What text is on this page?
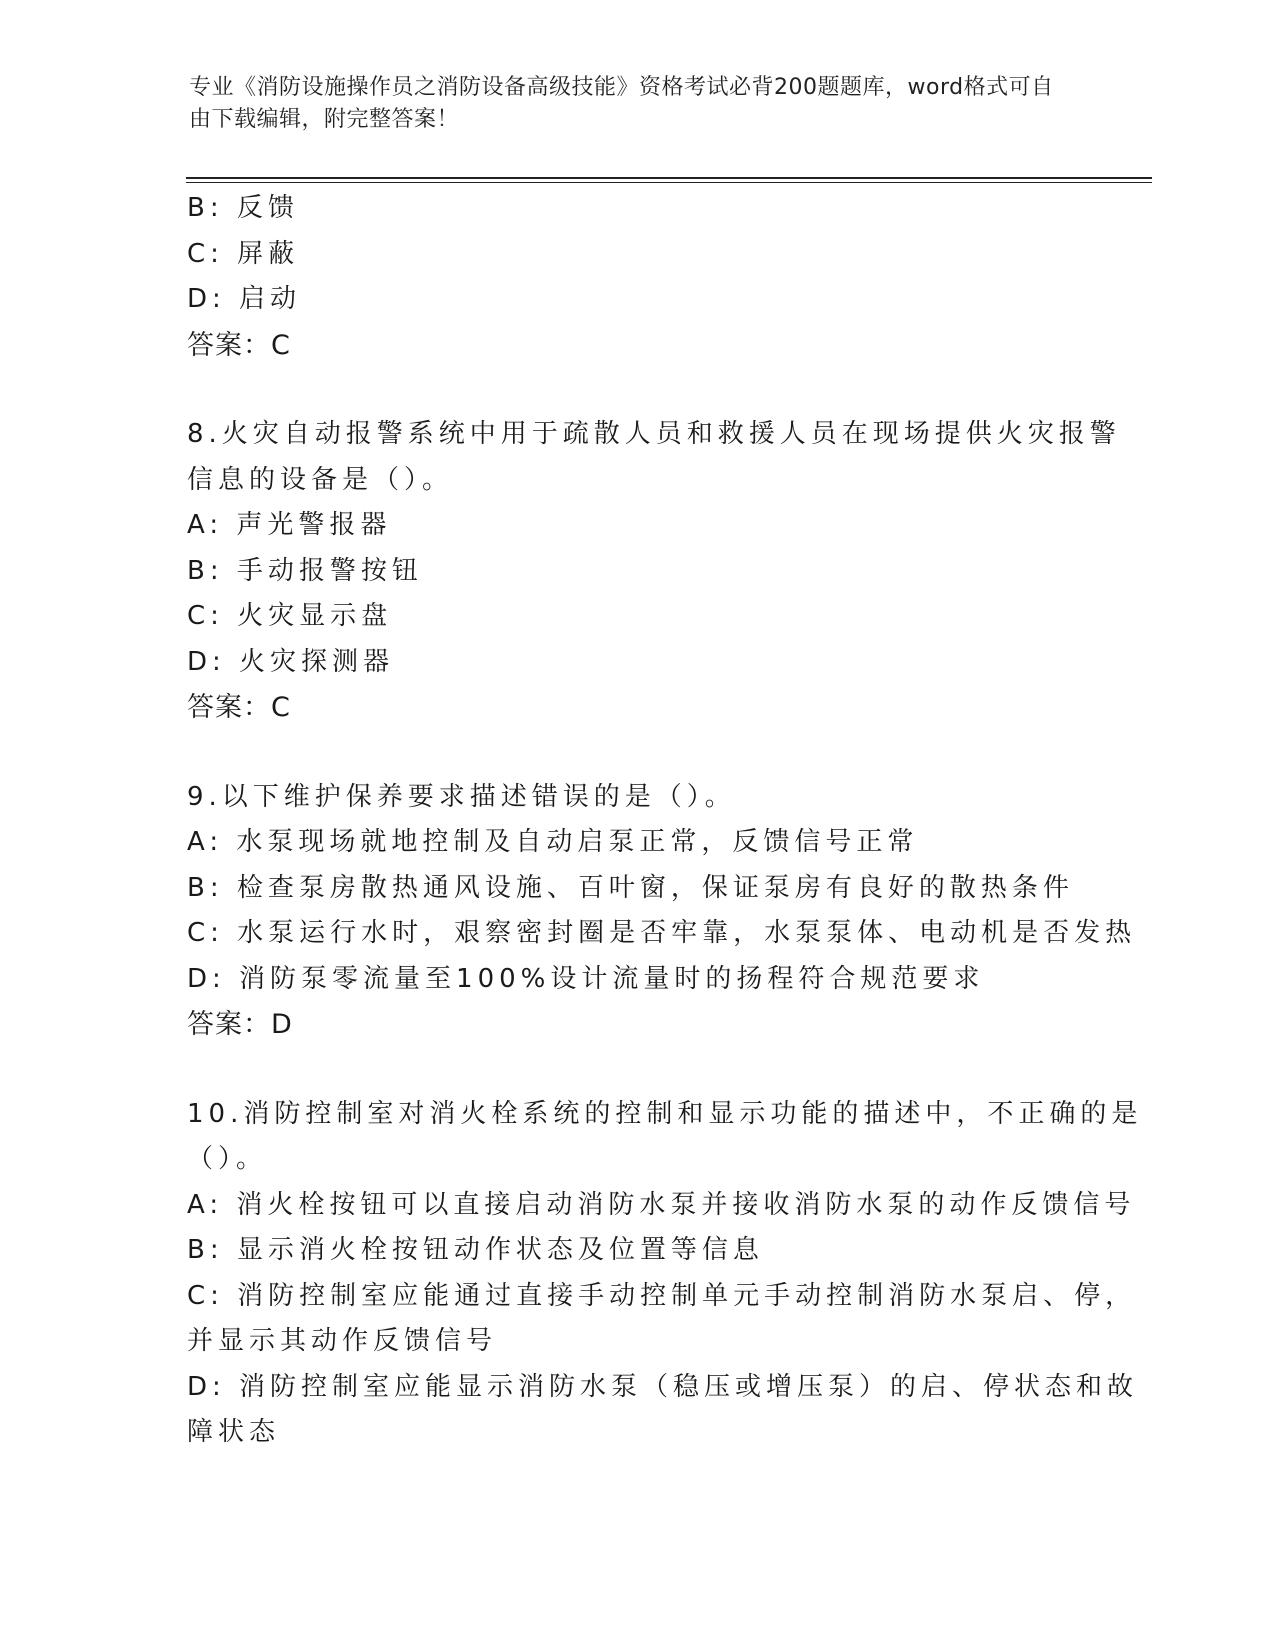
专业《消防设施操作员之消防设备高级技能》资格考试必背200题题库，word格式可自由下载编辑，附完整答案！
B: 反馈
C: 屏蔽
D: 启动
答案：C
8.火灾自动报警系统中用于疏散人员和救援人员在现场提供火灾报警
信息的设备是（）。
A: 声光警报器
B: 手动报警按钮
C: 火灾显示盘
D: 火灾探测器
答案：C
9.以下维护保养要求描述错误的是（）。
A: 水泵现场就地控制及自动启泵正常，反馈信号正常
B: 检查泵房散热通风设施、百叶窗，保证泵房有良好的散热条件
C: 水泵运行水时，艰察密封圈是否牢靠，水泵泵体、电动机是否发热
D: 消防泵零流量至100%设计流量时的扬程符合规范要求
答案：D
10.消防控制室对消火栓系统的控制和显示功能的描述中，不正确的是
（）。
A: 消火栓按钮可以直接启动消防水泵并接收消防水泵的动作反馈信号
B: 显示消火栓按钮动作状态及位置等信息
C: 消防控制室应能通过直接手动控制单元手动控制消防水泵启、停，
并显示其动作反馈信号
D: 消防控制室应能显示消防水泵（稳压或增压泵）的启、停状态和故
障状态
